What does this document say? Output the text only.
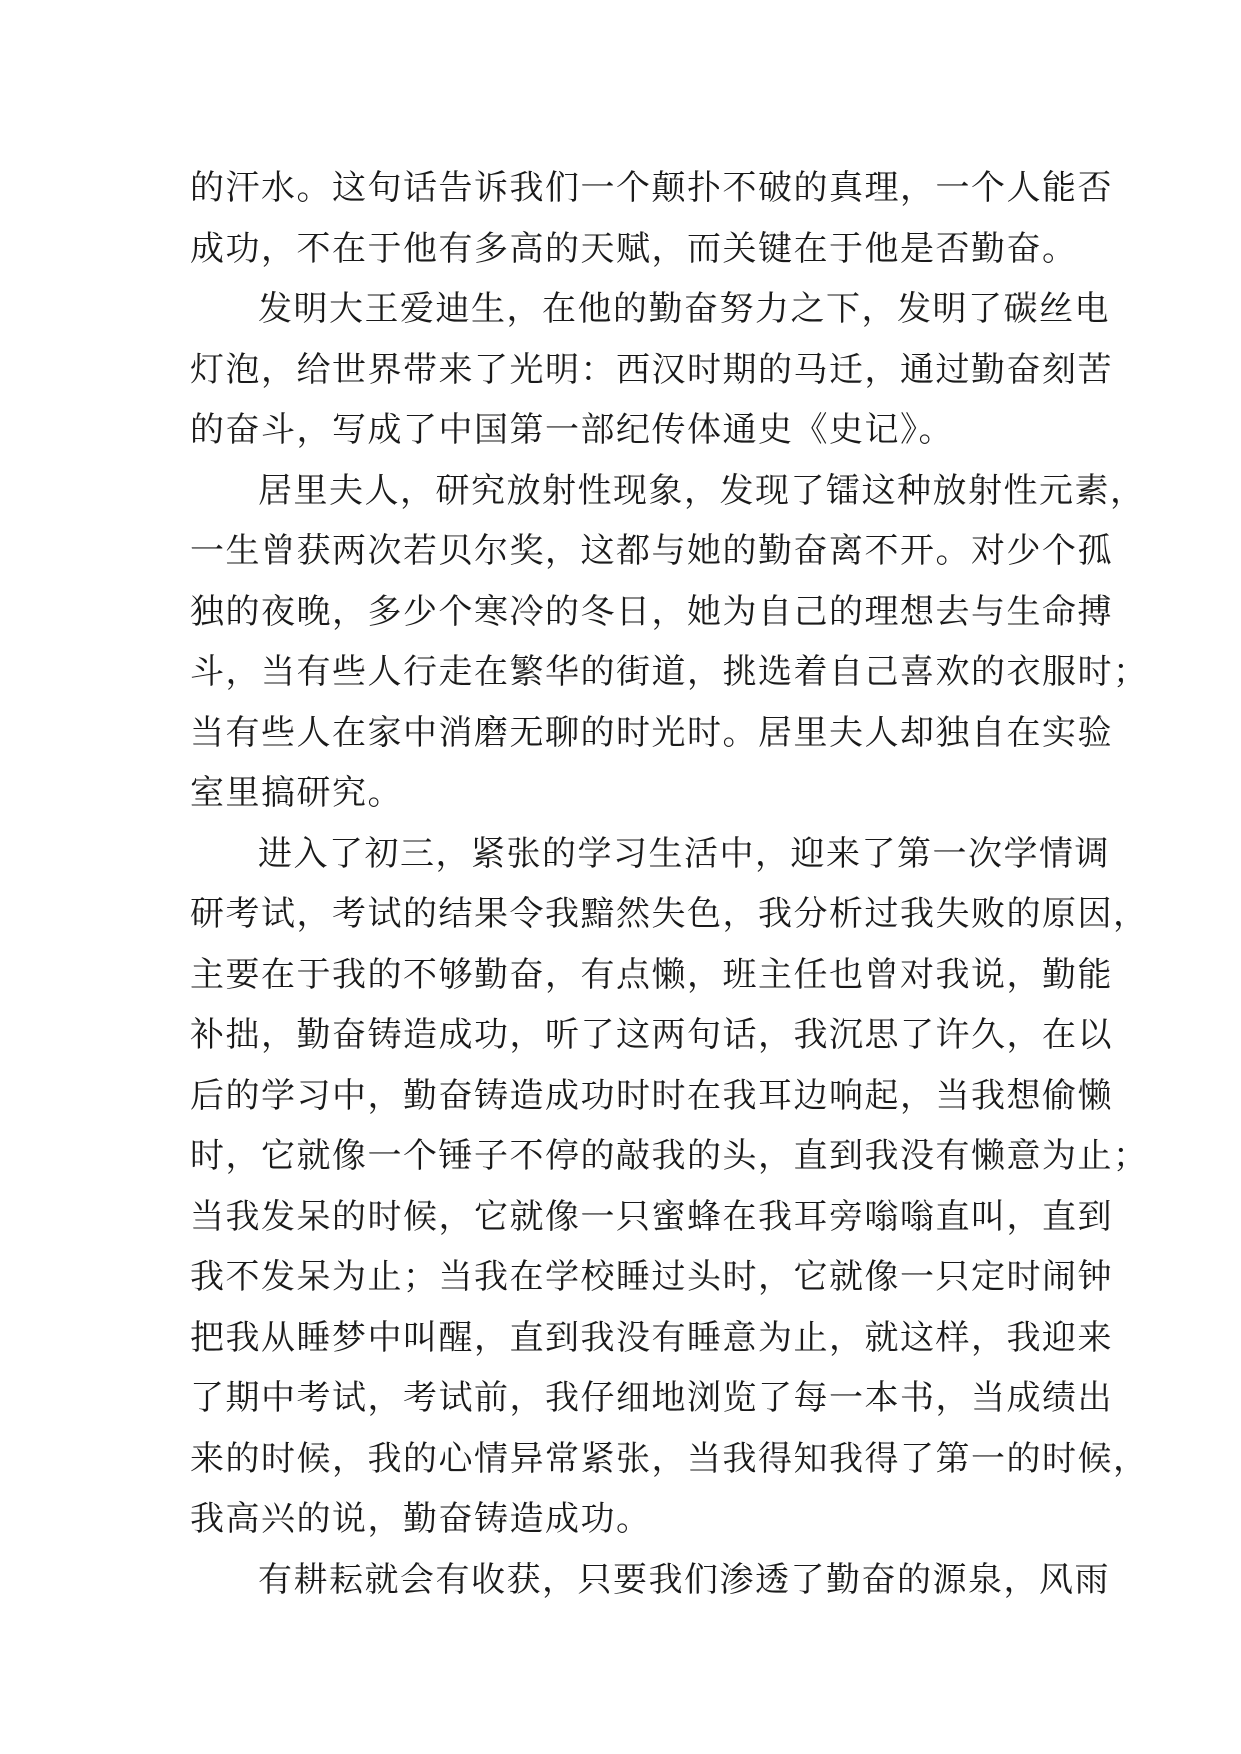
的汗水。这句话告诉我们一个颠扑不破的真理，一个人能否
成功，不在于他有多高的天赋，而关键在于他是否勤奋。

发明大王爱迪生，在他的勤奋努力之下，发明了碳丝电
灯泡，给世界带来了光明：西汉时期的马迁，通过勤奋刻苦
的奋斗，写成了中国第一部纪传体通史《史记》。

居里夫人，研究放射性现象，发现了镭这种放射性元素，
一生曾获两次若贝尔奖，这都与她的勤奋离不开。对少个孤
独的夜晚，多少个寒冷的冬日，她为自己的理想去与生命搏
斗，当有些人行走在繁华的街道，挑选着自己喜欢的衣服时；
当有些人在家中消磨无聊的时光时。居里夫人却独自在实验
室里搞研究。

进入了初三，紧张的学习生活中，迎来了第一次学情调
研考试，考试的结果令我黯然失色，我分析过我失败的原因，
主要在于我的不够勤奋，有点懒，班主任也曾对我说，勤能
补拙，勤奋铸造成功，听了这两句话，我沉思了许久，在以
后的学习中，勤奋铸造成功时时在我耳边响起，当我想偷懒
时，它就像一个锤子不停的敲我的头，直到我没有懒意为止；
当我发呆的时候，它就像一只蜜蜂在我耳旁嗡嗡直叫，直到
我不发呆为止；当我在学校睡过头时，它就像一只定时闹钟
把我从睡梦中叫醒，直到我没有睡意为止，就这样，我迎来
了期中考试，考试前，我仔细地浏览了每一本书，当成绩出
来的时候，我的心情异常紧张，当我得知我得了第一的时候，
我高兴的说，勤奋铸造成功。

有耕耘就会有收获，只要我们渗透了勤奋的源泉，风雨
